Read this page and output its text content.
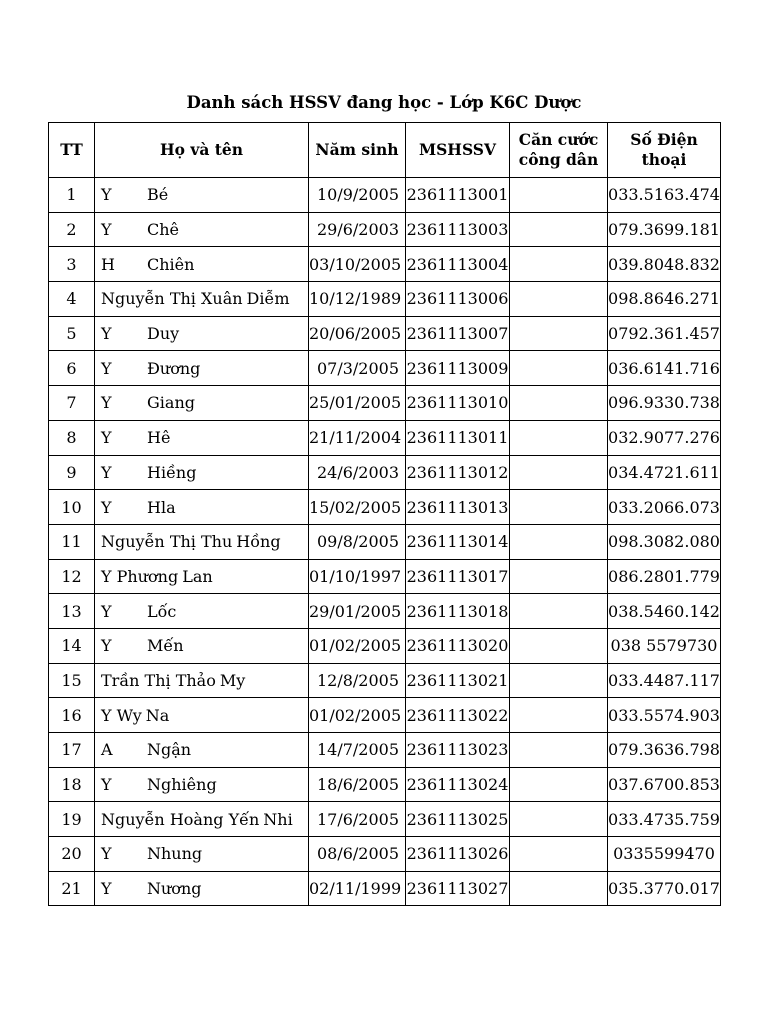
Danh sách HSSV đang học - Lớp K6C Dược
TT	Họ và tên	Năm sinh	MSHSSV	Căn cước công dân	Số Điện thoại
1	Y Bé	10/9/2005	2361113001		033.5163.474
2	Y Chê	29/6/2003	2361113003		079.3699.181
3	H Chiên	03/10/2005	2361113004		039.8048.832
4	Nguyễn Thị Xuân Diễm	10/12/1989	2361113006		098.8646.271
5	Y Duy	20/06/2005	2361113007		0792.361.457
6	Y Đương	07/3/2005	2361113009		036.6141.716
7	Y Giang	25/01/2005	2361113010		096.9330.738
8	Y Hê	21/11/2004	2361113011		032.9077.276
9	Y Hiềng	24/6/2003	2361113012		034.4721.611
10	Y Hla	15/02/2005	2361113013		033.2066.073
11	Nguyễn Thị Thu Hồng	09/8/2005	2361113014		098.3082.080
12	Y Phương Lan	01/10/1997	2361113017		086.2801.779
13	Y Lốc	29/01/2005	2361113018		038.5460.142
14	Y Mến	01/02/2005	2361113020		038 5579730
15	Trần Thị Thảo My	12/8/2005	2361113021		033.4487.117
16	Y Wy Na	01/02/2005	2361113022		033.5574.903
17	A Ngận	14/7/2005	2361113023		079.3636.798
18	Y Nghiêng	18/6/2005	2361113024		037.6700.853
19	Nguyễn Hoàng Yến Nhi	17/6/2005	2361113025		033.4735.759
20	Y Nhung	08/6/2005	2361113026		0335599470
21	Y Nương	02/11/1999	2361113027		035.3770.017
